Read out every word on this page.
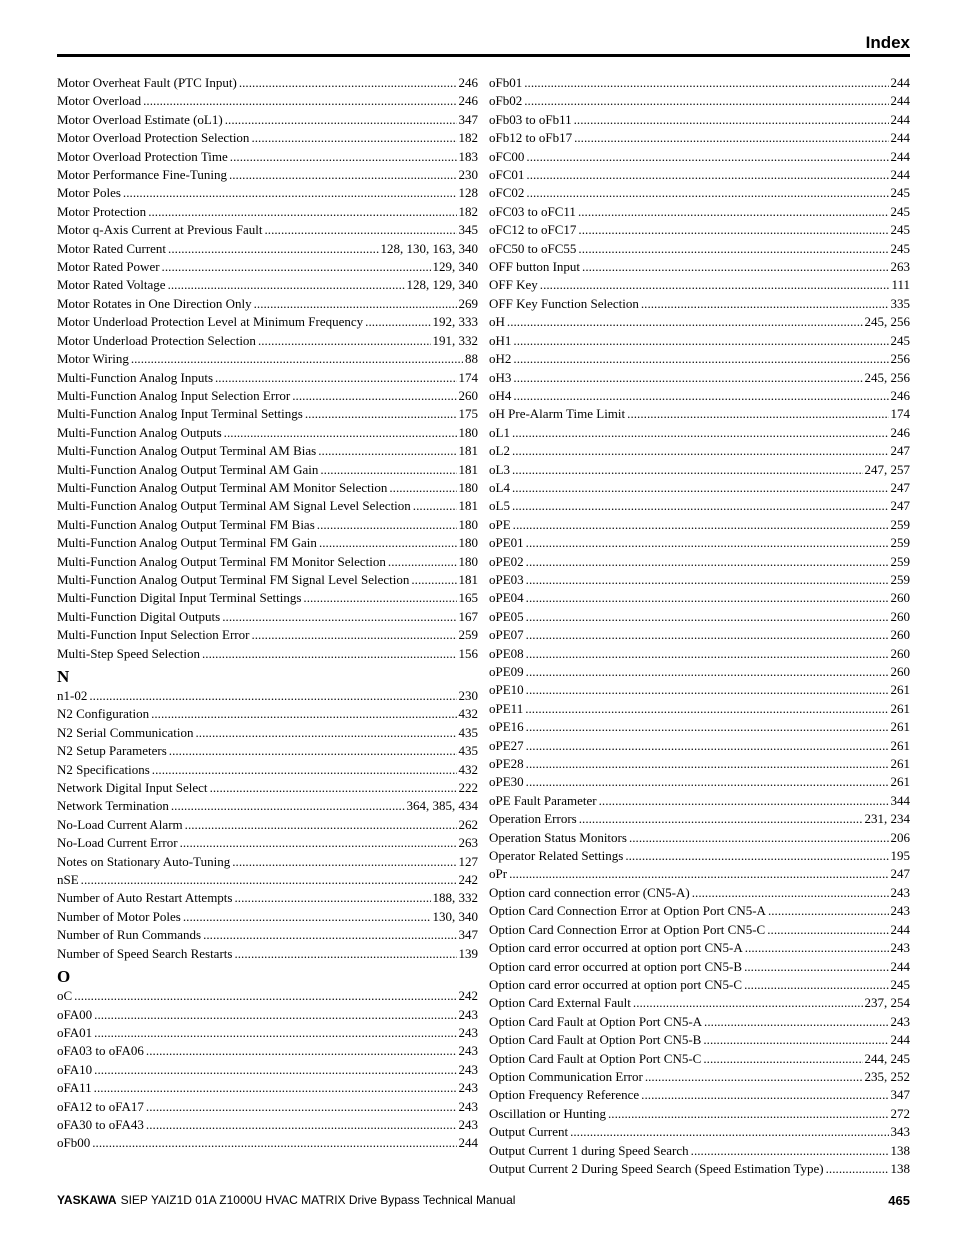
Index
Motor Overheat Fault (PTC Input) . . .	246
Motor Overload . . .	246
Motor Overload Estimate (oL1) . . .	347
Motor Overload Protection Selection . . .	182
Motor Overload Protection Time . . .	183
Motor Performance Fine-Tuning . . .	230
Motor Poles . . .	128
Motor Protection . . .	182
Motor q-Axis Current at Previous Fault . . .	345
Motor Rated Current . . .	128, 130, 163, 340
Motor Rated Power . . .	129, 340
Motor Rated Voltage . . .	128, 129, 340
Motor Rotates in One Direction Only . . .	269
Motor Underload Protection Level at Minimum Frequency . . .	192, 333
Motor Underload Protection Selection . . .	191, 332
Motor Wiring . . .	88
Multi-Function Analog Inputs . . .	174
Multi-Function Analog Input Selection Error . . .	260
Multi-Function Analog Input Terminal Settings . . .	175
Multi-Function Analog Outputs . . .	180
Multi-Function Analog Output Terminal AM Bias . . .	181
Multi-Function Analog Output Terminal AM Gain . . .	181
Multi-Function Analog Output Terminal AM Monitor Selection . . .	180
Multi-Function Analog Output Terminal AM Signal Level Selection . . .	181
Multi-Function Analog Output Terminal FM Bias . . .	180
Multi-Function Analog Output Terminal FM Gain . . .	180
Multi-Function Analog Output Terminal FM Monitor Selection . . .	180
Multi-Function Analog Output Terminal FM Signal Level Selection . . .	181
Multi-Function Digital Input Terminal Settings . . .	165
Multi-Function Digital Outputs . . .	167
Multi-Function Input Selection Error . . .	259
Multi-Step Speed Selection . . .	156
N
n1-02 . . .	230
N2 Configuration . . .	432
N2 Serial Communication . . .	435
N2 Setup Parameters . . .	435
N2 Specifications . . .	432
Network Digital Input Select . . .	222
Network Termination . . .	364, 385, 434
No-Load Current Alarm . . .	262
No-Load Current Error . . .	263
Notes on Stationary Auto-Tuning . . .	127
nSE . . .	242
Number of Auto Restart Attempts . . .	188, 332
Number of Motor Poles . . .	130, 340
Number of Run Commands . . .	347
Number of Speed Search Restarts . . .	139
O
oC . . .	242
oFA00 . . .	243
oFA01 . . .	243
oFA03 to oFA06 . . .	243
oFA10 . . .	243
oFA11 . . .	243
oFA12 to oFA17 . . .	243
oFA30 to oFA43 . . .	243
oFb00 . . .	244
oFb01 . . .	244
oFb02 . . .	244
oFb03 to oFb11 . . .	244
oFb12 to oFb17 . . .	244
oFC00 . . .	244
oFC01 . . .	244
oFC02 . . .	245
oFC03 to oFC11 . . .	245
oFC12 to oFC17 . . .	245
oFC50 to oFC55 . . .	245
OFF button Input . . .	263
OFF Key . . .	111
OFF Key Function Selection . . .	335
oH . . .	245, 256
oH1 . . .	245
oH2 . . .	256
oH3 . . .	245, 256
oH4 . . .	246
oH Pre-Alarm Time Limit . . .	174
oL1 . . .	246
oL2 . . .	247
oL3 . . .	247, 257
oL4 . . .	247
oL5 . . .	247
oPE . . .	259
oPE01 . . .	259
oPE02 . . .	259
oPE03 . . .	259
oPE04 . . .	260
oPE05 . . .	260
oPE07 . . .	260
oPE08 . . .	260
oPE09 . . .	260
oPE10 . . .	261
oPE11 . . .	261
oPE16 . . .	261
oPE27 . . .	261
oPE28 . . .	261
oPE30 . . .	261
oPE Fault Parameter . . .	344
Operation Errors . . .	231, 234
Operation Status Monitors . . .	206
Operator Related Settings . . .	195
oPr . . .	247
Option card connection error (CN5-A) . . .	243
Option Card Connection Error at Option Port CN5-A . . .	243
Option Card Connection Error at Option Port CN5-C . . .	244
Option card error occurred at option port CN5-A . . .	243
Option card error occurred at option port CN5-B . . .	244
Option card error occurred at option port CN5-C . . .	245
Option Card External Fault . . .	237, 254
Option Card Fault at Option Port CN5-A . . .	243
Option Card Fault at Option Port CN5-B . . .	244
Option Card Fault at Option Port CN5-C . . .	244, 245
Option Communication Error . . .	235, 252
Option Frequency Reference . . .	347
Oscillation or Hunting . . .	272
Output Current . . .	343
Output Current 1 during Speed Search . . .	138
Output Current 2 During Speed Search (Speed Estimation Type) . . .	138
YASKAWA SIEP YAIZ1D 01A Z1000U HVAC MATRIX Drive Bypass Technical Manual	465
